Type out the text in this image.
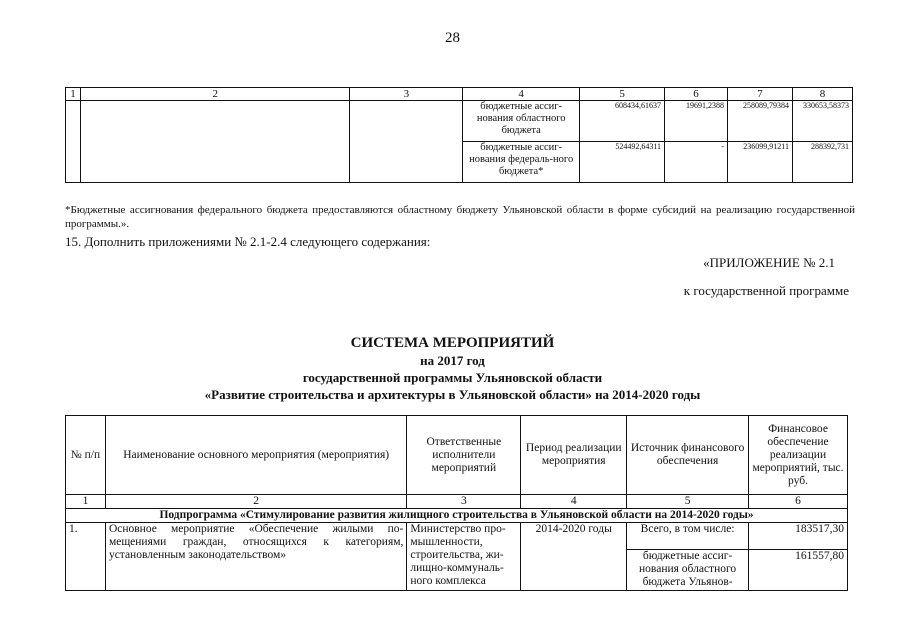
28
1	2	3	4	5	6	7	8
			бюджетные ассиг-нования областного бюджета	608434,61637	19691,2388	258089,79384	330653,58373
			бюджетные ассиг-нования федераль-ного бюджета*	524492,64311	-	236099,91211	288392,731
*Бюджетные ассигнования федерального бюджета предоставляются областному бюджету Ульяновской области в форме субсидий на реализацию государственной программы.».
15. Дополнить приложениями № 2.1-2.4 следующего содержания:
«ПРИЛОЖЕНИЕ № 2.1
к государственной программе
СИСТЕМА МЕРОПРИЯТИЙ
на 2017 год
государственной программы Ульяновской области
«Развитие строительства и архитектуры в Ульяновской области» на 2014-2020 годы
№ п/п	Наименование основного мероприятия (мероприятия)	Ответственные исполнители мероприятий	Период реализации мероприятия	Источник финансового обеспечения	Финансовое обеспечение реализации мероприятий, тыс. руб.
1	2	3	4	5	6
Подпрограмма «Стимулирование развития жилищного строительства в Ульяновской области на 2014-2020 годы»					
1.	Основное мероприятие «Обеспечение жилыми по-мещениями граждан, относящихся к категориям, установленным законодательством»	Министерство про-мышленности, строительства, жи-лищно-коммуналь-ного комплекса	2014-2020 годы	Всего, в том числе:	183517,30
				бюджетные ассиг-нования областного бюджета Ульянов-	161557,80
